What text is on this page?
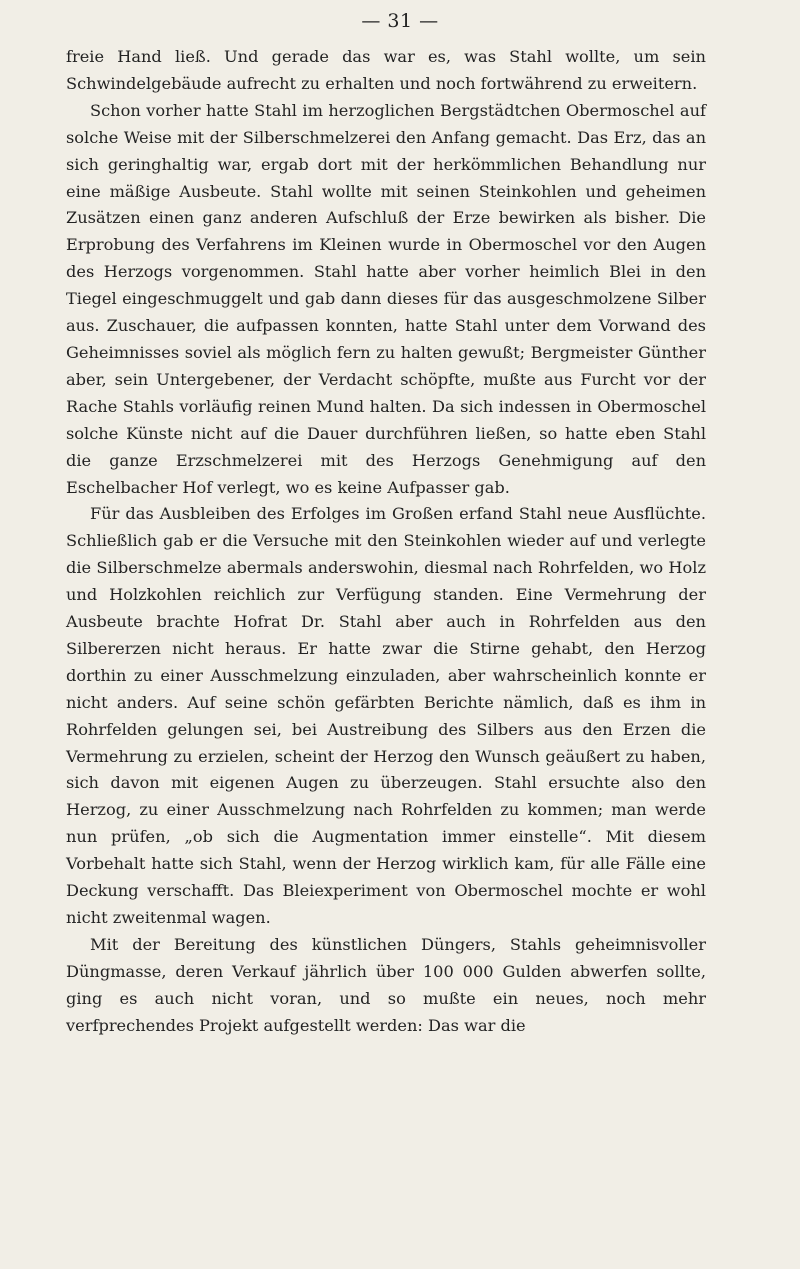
— 31 —

freie Hand ließ. Und gerade das war es, was Stahl wollte, um sein Schwindelgebäude aufrecht zu erhalten und noch fortwährend zu erweitern.

Schon vorher hatte Stahl im herzoglichen Bergstädtchen Obermoschel auf solche Weise mit der Silberschmelzerei den Anfang gemacht. Das Erz, das an sich geringhaltig war, ergab dort mit der herkömmlichen Behandlung nur eine mäßige Ausbeute. Stahl wollte mit seinen Steinkohlen und geheimen Zusätzen einen ganz anderen Aufschluß der Erze bewirken als bisher. Die Erprobung des Verfahrens im Kleinen wurde in Obermoschel vor den Augen des Herzogs vorgenommen. Stahl hatte aber vorher heimlich Blei in den Tiegel eingeschmuggelt und gab dann dieses für das ausgeschmolzene Silber aus. Zuschauer, die aufpassen konnten, hatte Stahl unter dem Vorwand des Geheimnisses soviel als möglich fern zu halten gewußt; Bergmeister Günther aber, sein Untergebener, der Verdacht schöpfte, mußte aus Furcht vor der Rache Stahls vorläufig reinen Mund halten. Da sich indessen in Obermoschel solche Künste nicht auf die Dauer durchführen ließen, so hatte eben Stahl die ganze Erzschmelzerei mit des Herzogs Genehmigung auf den Eschelbacher Hof verlegt, wo es keine Aufpasser gab.

Für das Ausbleiben des Erfolges im Großen erfand Stahl neue Ausflüchte. Schließlich gab er die Versuche mit den Steinkohlen wieder auf und verlegte die Silberschmelze abermals anderswohin, diesmal nach Rohrfelden, wo Holz und Holzkohlen reichlich zur Verfügung standen. Eine Vermehrung der Ausbeute brachte Hofrat Dr. Stahl aber auch in Rohrfelden aus den Silbererzen nicht heraus. Er hatte zwar die Stirne gehabt, den Herzog dorthin zu einer Ausschmelzung einzuladen, aber wahrscheinlich konnte er nicht anders. Auf seine schön gefärbten Berichte nämlich, daß es ihm in Rohrfelden gelungen sei, bei Austreibung des Silbers aus den Erzen die Vermehrung zu erzielen, scheint der Herzog den Wunsch geäußert zu haben, sich davon mit eigenen Augen zu überzeugen. Stahl ersuchte also den Herzog, zu einer Ausschmelzung nach Rohrfelden zu kommen; man werde nun prüfen, „ob sich die Augmentation immer einstelle“. Mit diesem Vorbehalt hatte sich Stahl, wenn der Herzog wirklich kam, für alle Fälle eine Deckung verschafft. Das Bleiexperiment von Obermoschel mochte er wohl nicht zweitenmal wagen.

Mit der Bereitung des künstlichen Düngers, Stahls geheimnisvoller Düngmasse, deren Verkauf jährlich über 100 000 Gulden abwerfen sollte, ging es auch nicht voran, und so mußte ein neues, noch mehr verfprechendes Projekt aufgestellt werden: Das war die
